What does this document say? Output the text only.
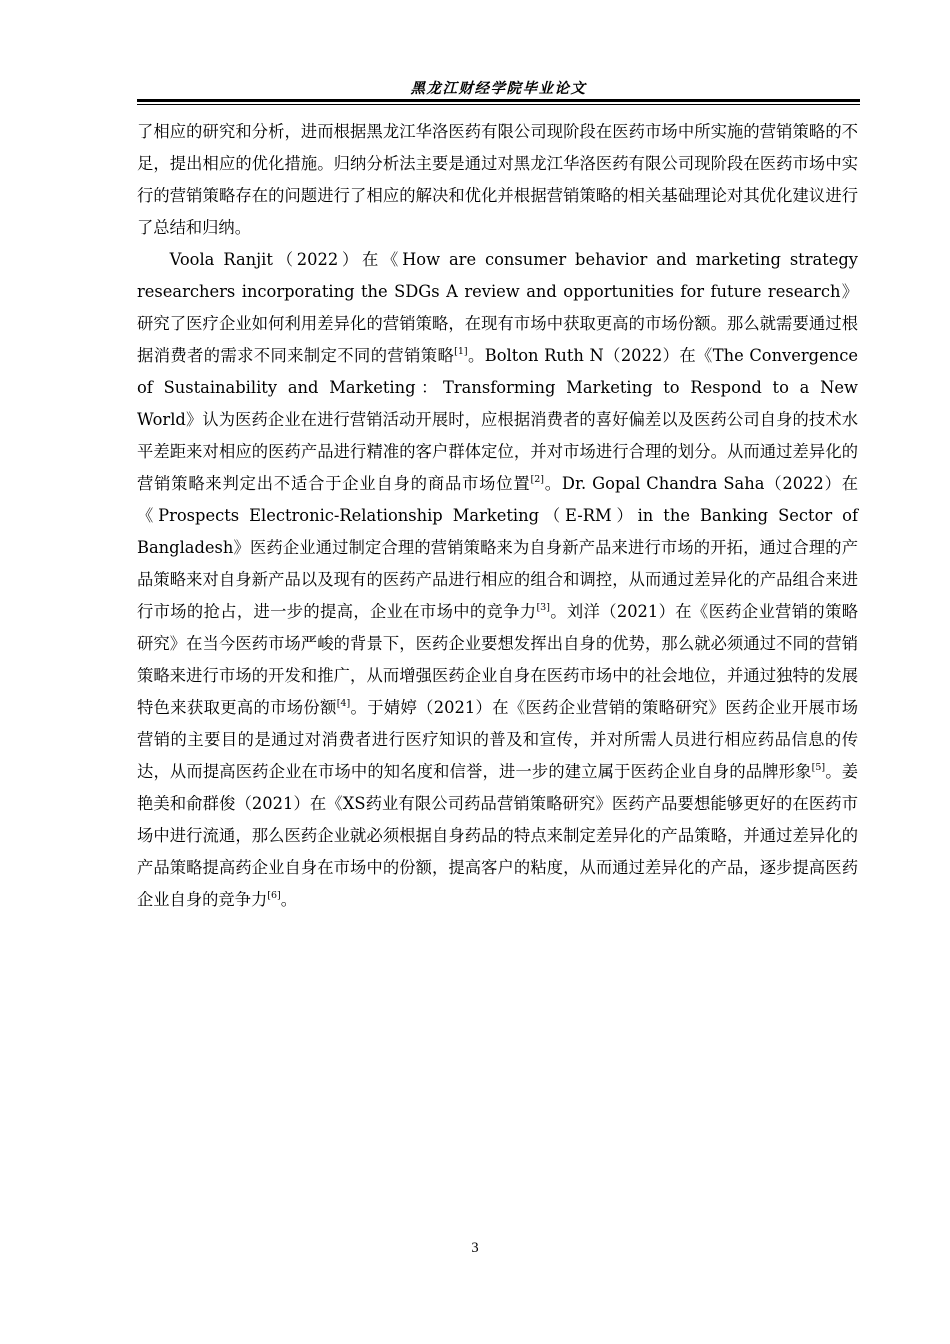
黑龙江财经学院毕业论文

了相应的研究和分析，进而根据黑龙江华洛医药有限公司现阶段在医药市场中所实施的营销策略的不足，提出相应的优化措施。归纳分析法主要是通过对黑龙江华洛医药有限公司现阶段在医药市场中实行的营销策略存在的问题进行了相应的解决和优化并根据营销策略的相关基础理论对其优化建议进行了总结和归纳。

Voola Ranjit（2022）在《How are consumer behavior and marketing strategy researchers incorporating the SDGs A review and opportunities for future research》研究了医疗企业如何利用差异化的营销策略，在现有市场中获取更高的市场份额。那么就需要通过根据消费者的需求不同来制定不同的营销策略[1]。Bolton Ruth N（2022）在《The Convergence of Sustainability and Marketing：Transforming Marketing to Respond to a New World》认为医药企业在进行营销活动开展时，应根据消费者的喜好偏差以及医药公司自身的技术水平差距来对相应的医药产品进行精准的客户群体定位，并对市场进行合理的划分。从而通过差异化的营销策略来判定出不适合于企业自身的商品市场位置[2]。Dr. Gopal Chandra Saha（2022）在《Prospects Electronic-Relationship Marketing（E-RM）in the Banking Sector of Bangladesh》医药企业通过制定合理的营销策略来为自身新产品来进行市场的开拓，通过合理的产品策略来对自身新产品以及现有的医药产品进行相应的组合和调控，从而通过差异化的产品组合来进行市场的抢占，进一步的提高，企业在市场中的竞争力[3]。刘洋（2021）在《医药企业营销的策略研究》在当今医药市场严峻的背景下，医药企业要想发挥出自身的优势，那么就必须通过不同的营销策略来进行市场的开发和推广，从而增强医药企业自身在医药市场中的社会地位，并通过独特的发展特色来获取更高的市场份额[4]。于婧婷（2021）在《医药企业营销的策略研究》医药企业开展市场营销的主要目的是通过对消费者进行医疗知识的普及和宣传，并对所需人员进行相应药品信息的传达，从而提高医药企业在市场中的知名度和信誉，进一步的建立属于医药企业自身的品牌形象[5]。姜艳美和俞群俊（2021）在《XS药业有限公司药品营销策略研究》医药产品要想能够更好的在医药市场中进行流通，那么医药企业就必须根据自身药品的特点来制定差异化的产品策略，并通过差异化的产品策略提高药企业自身在市场中的份额，提高客户的粘度，从而通过差异化的产品，逐步提高医药企业自身的竞争力[6]。

3
